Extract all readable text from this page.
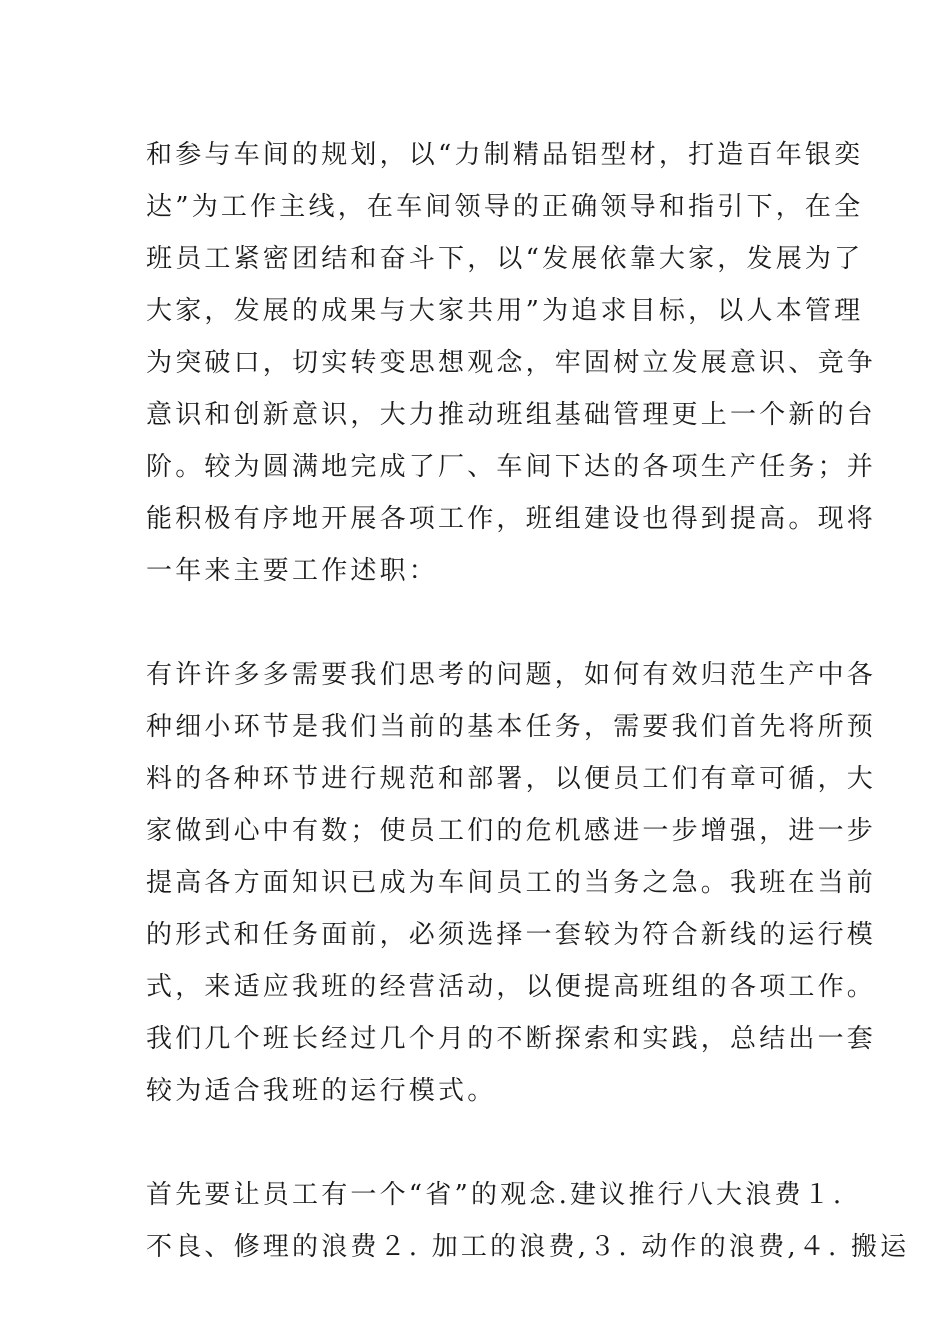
和参与车间的规划，以“力制精品铝型材，打造百年银奕
达”为工作主线，在车间领导的正确领导和指引下，在全
班员工紧密团结和奋斗下，以“发展依靠大家，发展为了
大家，发展的成果与大家共用”为追求目标，以人本管理
为突破口，切实转变思想观念，牢固树立发展意识、竞争
意识和创新意识，大力推动班组基础管理更上一个新的台
阶。较为圆满地完成了厂、车间下达的各项生产任务；并
能积极有序地开展各项工作，班组建设也得到提高。现将
一年来主要工作述职：
有许许多多需要我们思考的问题，如何有效归范生产中各
种细小环节是我们当前的基本任务，需要我们首先将所预
料的各种环节进行规范和部署，以便员工们有章可循，大
家做到心中有数；使员工们的危机感进一步增强，进一步
提高各方面知识已成为车间员工的当务之急。我班在当前
的形式和任务面前，必须选择一套较为符合新线的运行模
式，来适应我班的经营活动，以便提高班组的各项工作。
我们几个班长经过几个月的不断探索和实践，总结出一套
较为适合我班的运行模式。
首先要让员工有一个“省”的观念.建议推行八大浪费１.
不良、修理的浪费２. 加工的浪费,３. 动作的浪费,４. 搬运
